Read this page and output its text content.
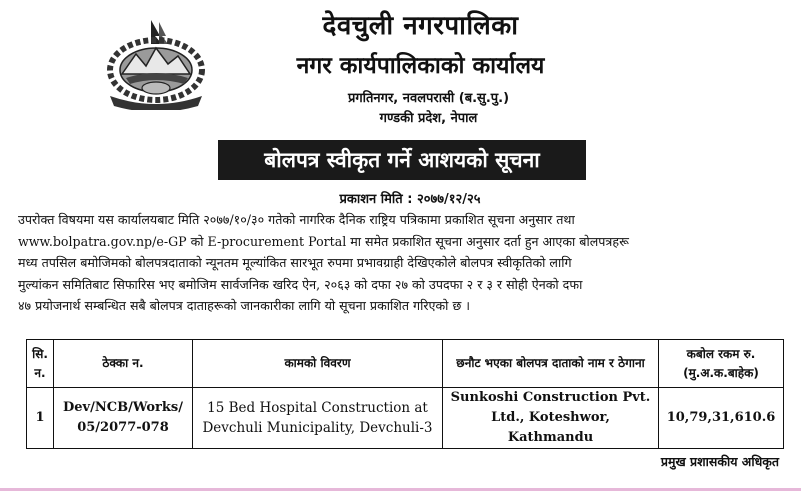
देवचुली नगरपालिका
नगर कार्यपालिकाको कार्यालय
प्रगतिनगर, नवलपरासी (ब.सु.पु.)
गण्डकी प्रदेश, नेपाल
बोलपत्र स्वीकृत गर्ने आशयको सूचना
प्रकाशन मिति : २०७७/१२/२५
उपरोक्त विषयमा यस कार्यालयबाट मिति २०७७/१०/३० गतेको नागरिक दैनिक राष्ट्रिय पत्रिकामा प्रकाशित सूचना अनुसार तथा
www.bolpatra.gov.np/e-GP को E-procurement Portal मा समेत प्रकाशित सूचना अनुसार दर्ता हुन आएका बोलपत्रहरू
मध्य तपसिल बमोजिमको बोलपत्रदाताको न्यूनतम मूल्यांकित सारभूत रुपमा प्रभावग्राही देखिएकोले बोलपत्र स्वीकृतिको लागि
मुल्यांकन समितिबाट सिफारिस भए बमोजिम सार्वजनिक खरिद ऐन, २०६३ को दफा २७ को उपदफा २ र ३ र सोही ऐनको दफा
४७ प्रयोजनार्थ सम्बन्धित सबै बोलपत्र दाताहरूको जानकारीका लागि यो सूचना प्रकाशित गरिएको छ ।
सि. न.	ठेक्का न.	कामको विवरण	छनौट भएका बोलपत्र दाताको नाम र ठेगाना	कबोल रकम रु. (मु.अ.क.बाहेक)
1	Dev/NCB/Works/ 05/2077-078	15 Bed Hospital Construction at Devchuli Municipality, Devchuli-3	Sunkoshi Construction Pvt. Ltd., Koteshwor, Kathmandu	10,79,31,610.6
प्रमुख प्रशासकीय अधिकृत
